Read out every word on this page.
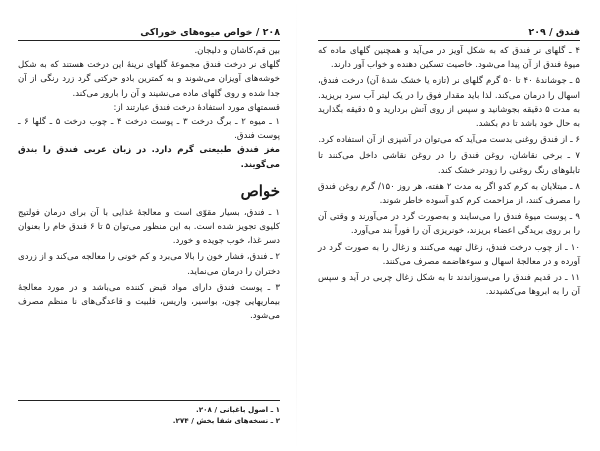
۲۰۸ / خواص میوه‌های خوراکی

بین قم،کاشان و دلیجان.

گلهای نر درخت فندق مجموعهٔ گلهای نرینهٔ این درخت هستند که به شکل خوشه‌های آویزان می‌شوند و به کمترین بادو حرکتی گرد زرد رنگی از آن جدا شده و روی گلهای ماده می‌نشیند و آن را بارور می‌کند.

قسمتهای مورد استفادهٔ درخت فندق عبارتند از:

۱ ـ میوه ۲ ـ برگ درخت ۳ ـ پوست درخت ۴ ـ چوب درخت ۵ ـ گلها ۶ ـ پوست فندق.

مغز فندق طبیعتی گرم دارد. در زبان عربی فندق را بندق می‌گویند.

خواص

۱ ـ فندق، بسیار مقوّی است و معالجهٔ غذایی با آن برای درمان فولتیج کلیوی تجویز شده است. به این منظور می‌توان ۵ تا ۶ فندق خام را بعنوان دسر غذا، خوب جویده و خورد.

۲ ـ فندق، فشار خون را بالا می‌برد و کم خونی را معالجه می‌کند و از زردی دختران را درمان می‌نماید.

۳ ـ پوست فندق دارای مواد قبض کننده می‌باشد و در مورد معالجهٔ بیماریهایی چون، بواسیر، واریس، فلبیت و قاعدگی‌های نا منظم مصرف می‌شود.

۱ ـ اصول باغبانی / ۲۰۸.
۲ ـ نسخه‌های شفا بخش / ۲۷۴.
فندق / ۲۰۹

۴ ـ گلهای نر فندق که به شکل آویز در می‌آید و همچنین گلهای ماده که میوهٔ فندق از آن پیدا می‌شود. خاصیت تسکین دهنده و خواب آور دارند.

۵ ـ جوشاندهٔ ۴۰ تا ۵۰ گرم گلهای نر (تازه یا خشک شدهٔ آن) درخت فندق، اسهال را درمان می‌کند. لذا باید مقدار فوق را در یک لیتر آب سرد بریزید. به مدت ۵ دقیقه بجوشانید و سپس از روی آتش بردارید و ۵ دقیقه بگذارید به حال خود باشد تا دم بکشد.

۶ ـ از فندق روغنی بدست می‌آید که می‌توان در آشپزی از آن استفاده کرد.

۷ ـ برخی نقاشان، روغن فندق را در روغن نقاشی داخل می‌کنند تا تابلوهای رنگ روغنی را زودتر خشک کند.

۸ ـ مبتلایان به کرم کدو اگر به مدت ۲ هفته، هر روز ۱۵۰/ گرم روغن فندق را مصرف کنند، از مزاحمت کرم کدو آسوده خاطر شوند.

۹ ـ پوست میوهٔ فندق را می‌سایند و به‌صورت گرد در می‌آورند و وقتی آن را بر روی بریدگی اعضاء بریزند، خونریزی آن را فوراً بند می‌آورد.

۱۰ ـ از چوب درخت فندق، زغال تهیه می‌کنند و زغال را به صورت گرد در آورده و در معالجهٔ اسهال و سوءهاضمه مصرف می‌کنند.

۱۱ ـ در قدیم فندق را می‌سوزاندند تا به شکل زغال چربی در آید و سپس آن را به ابروها می‌کشیدند.
